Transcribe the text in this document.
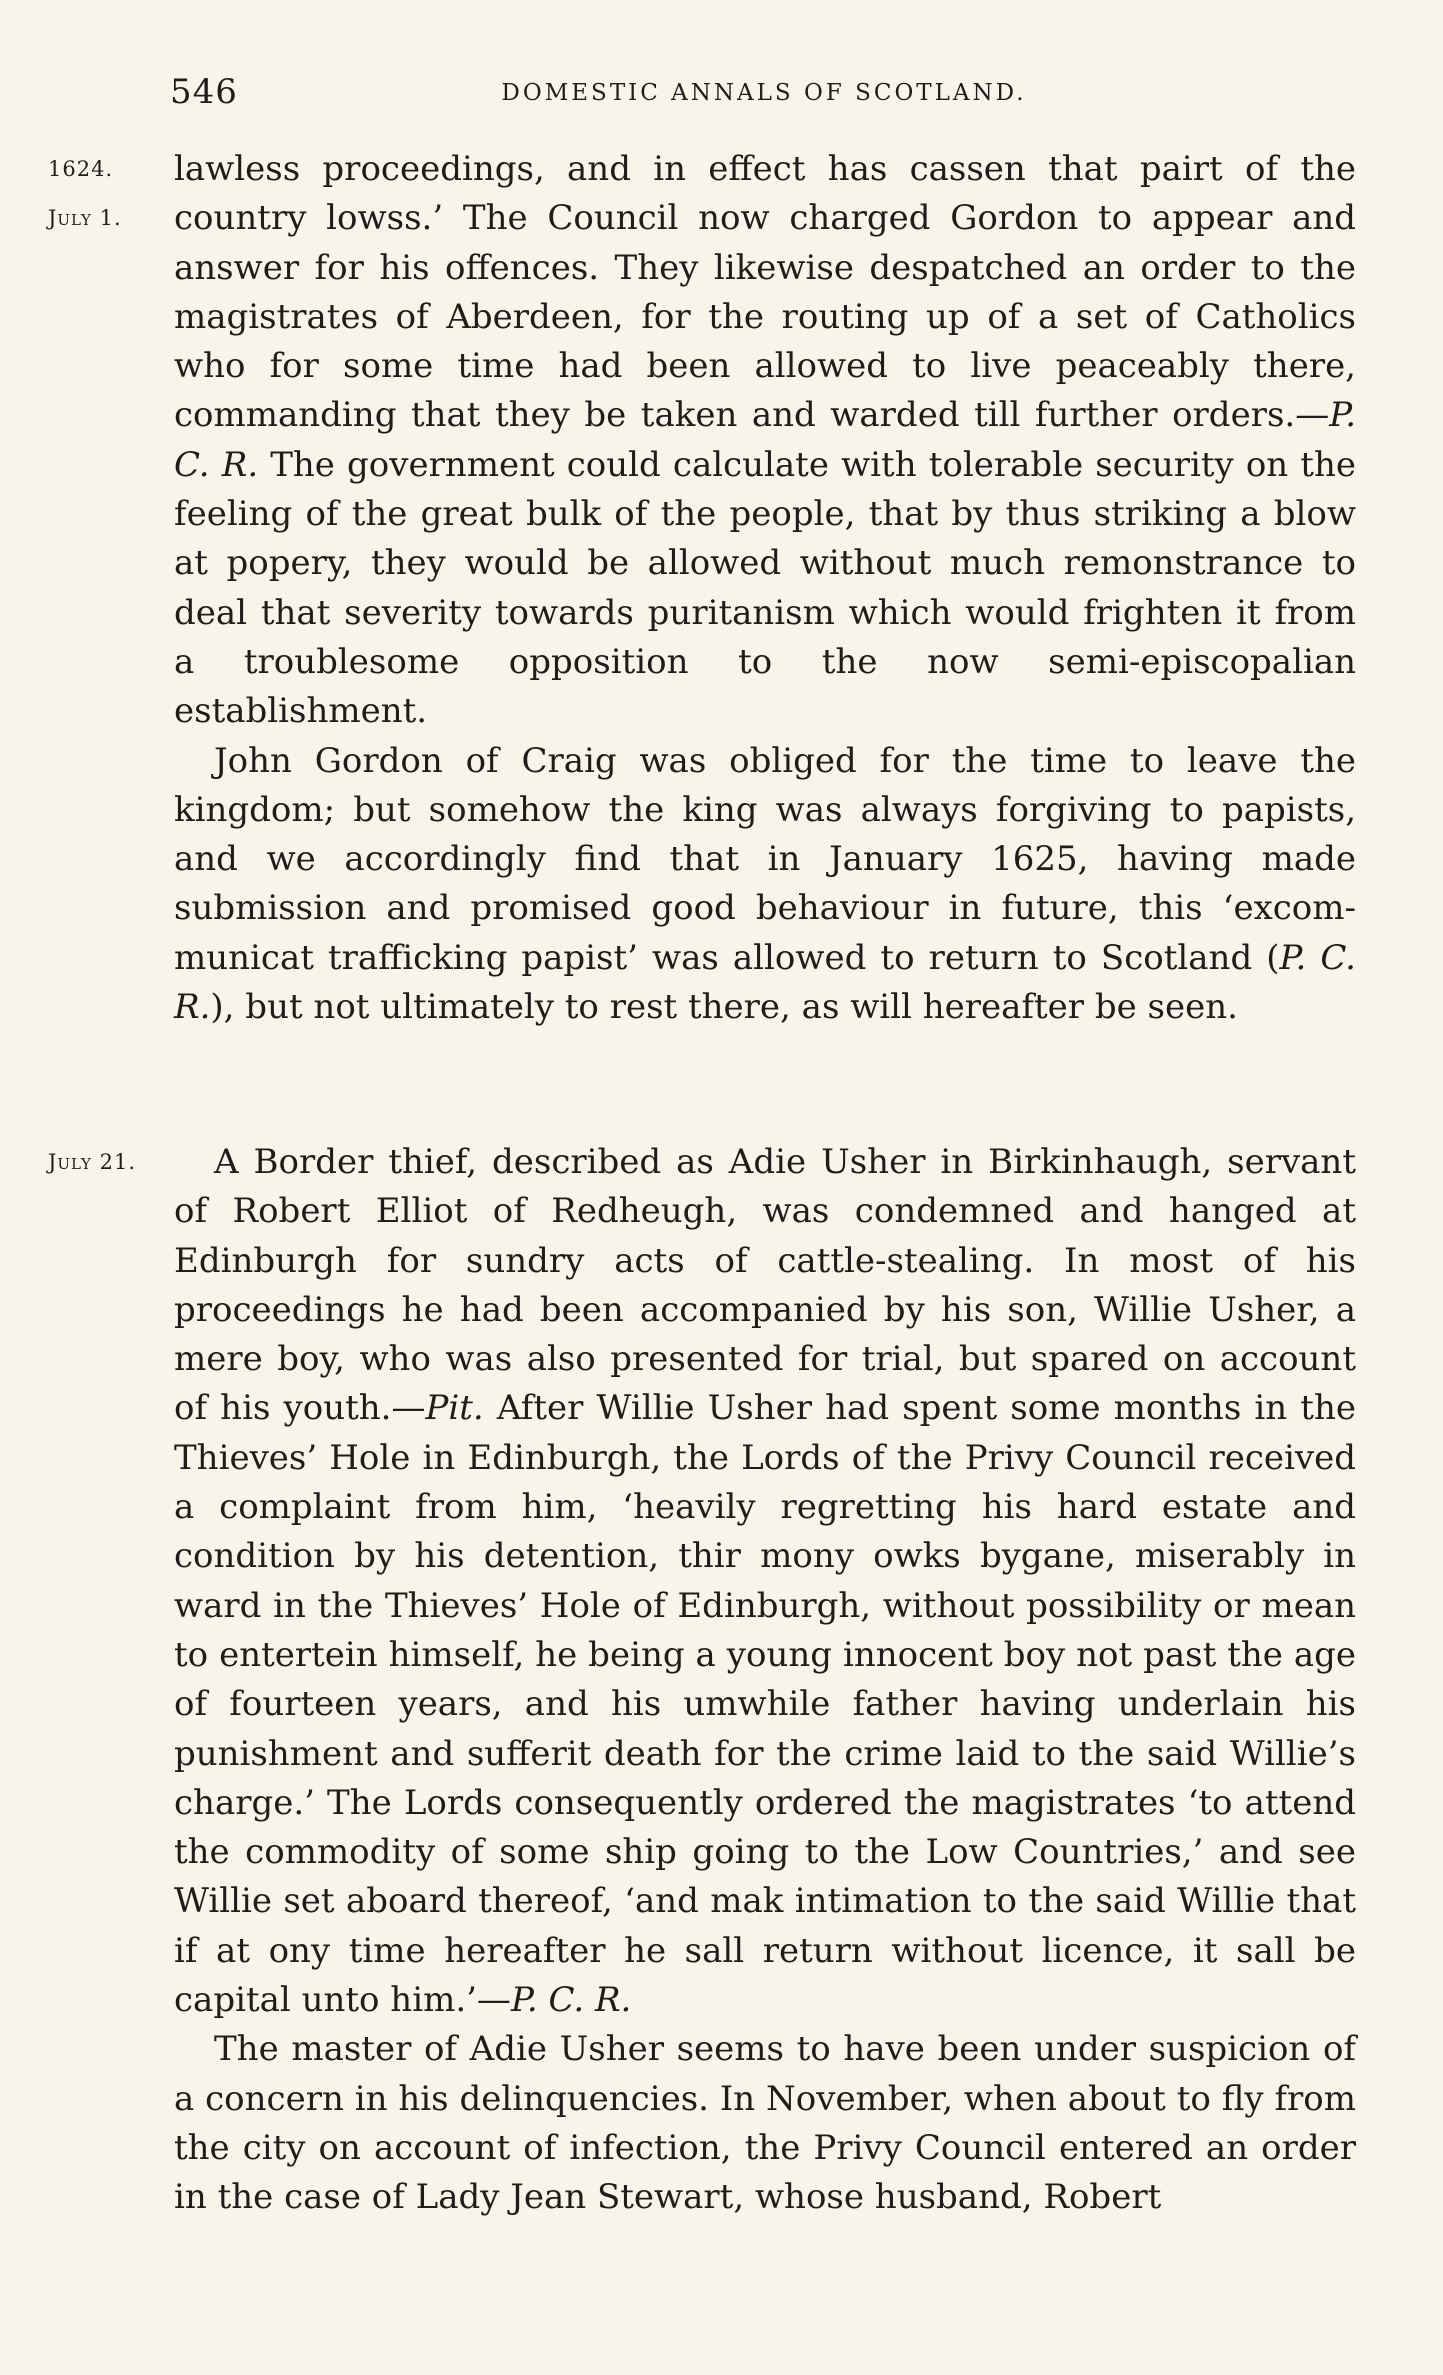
546	DOMESTIC ANNALS OF SCOTLAND.
1624.
July 1.

lawless proceedings, and in effect has cassen that pairt of the country lowss.’ The Council now charged Gordon to appear and answer for his offences. They likewise despatched an order to the magistrates of Aberdeen, for the routing up of a set of Catholics who for some time had been allowed to live peaceably there, commanding that they be taken and warded till further orders.—P. C. R. The government could calculate with tolerable security on the feeling of the great bulk of the people, that by thus striking a blow at popery, they would be allowed without much remonstrance to deal that severity towards puritanism which would frighten it from a troublesome opposition to the now semi-episcopalian establishment.

John Gordon of Craig was obliged for the time to leave the kingdom; but somehow the king was always forgiving to papists, and we accordingly find that in January 1625, having made submission and promised good behaviour in future, this ‘excom-municat trafficking papist’ was allowed to return to Scotland (P. C. R.), but not ultimately to rest there, as will hereafter be seen.

July 21.	A Border thief, described as Adie Usher in Birkinhaugh, servant of Robert Elliot of Redheugh, was condemned and hanged at Edinburgh for sundry acts of cattle-stealing. In most of his proceedings he had been accompanied by his son, Willie Usher, a mere boy, who was also presented for trial, but spared on account of his youth.—Pit. After Willie Usher had spent some months in the Thieves’ Hole in Edinburgh, the Lords of the Privy Council received a complaint from him, ‘heavily regretting his hard estate and condition by his detention, thir mony owks bygane, miserably in ward in the Thieves’ Hole of Edinburgh, without possibility or mean to entertein himself, he being a young innocent boy not past the age of fourteen years, and his umwhile father having underlain his punishment and sufferit death for the crime laid to the said Willie’s charge.’ The Lords consequently ordered the magistrates ‘to attend the commodity of some ship going to the Low Countries,’ and see Willie set aboard thereof, ‘and mak intimation to the said Willie that if at ony time hereafter he sall return without licence, it sall be capital unto him.’—P. C. R.

The master of Adie Usher seems to have been under suspicion of a concern in his delinquencies. In November, when about to fly from the city on account of infection, the Privy Council entered an order in the case of Lady Jean Stewart, whose husband, Robert
